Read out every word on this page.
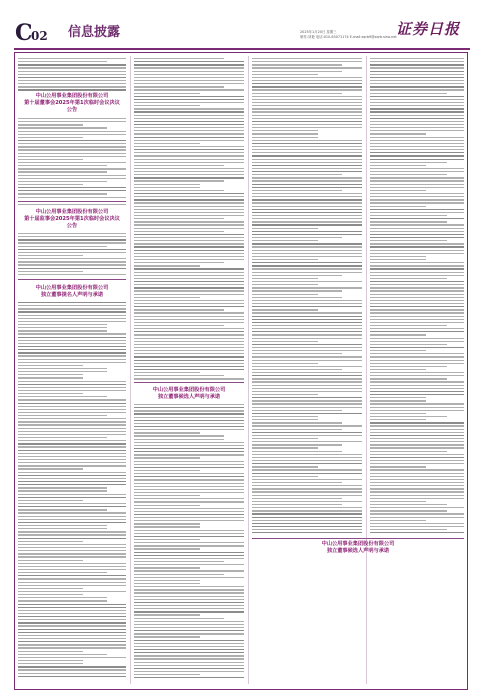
C
02 信息披露	2025年1月20日 星期三
制作:刘艳 电话:010-63071174 E-mail:zqrb9@zqrb.sina.net 证券日报
中山公用事业集团股份有限公司
第十届董事会2025年第1次临时会议决议
公告
中山公用事业集团股份有限公司
第十届监事会2025年第1次临时会议决议
公告
中山公用事业集团股份有限公司
独立董事提名人声明与承诺
中山公用事业集团股份有限公司
独立董事候选人声明与承诺
中山公用事业集团股份有限公司
独立董事候选人声明与承诺
